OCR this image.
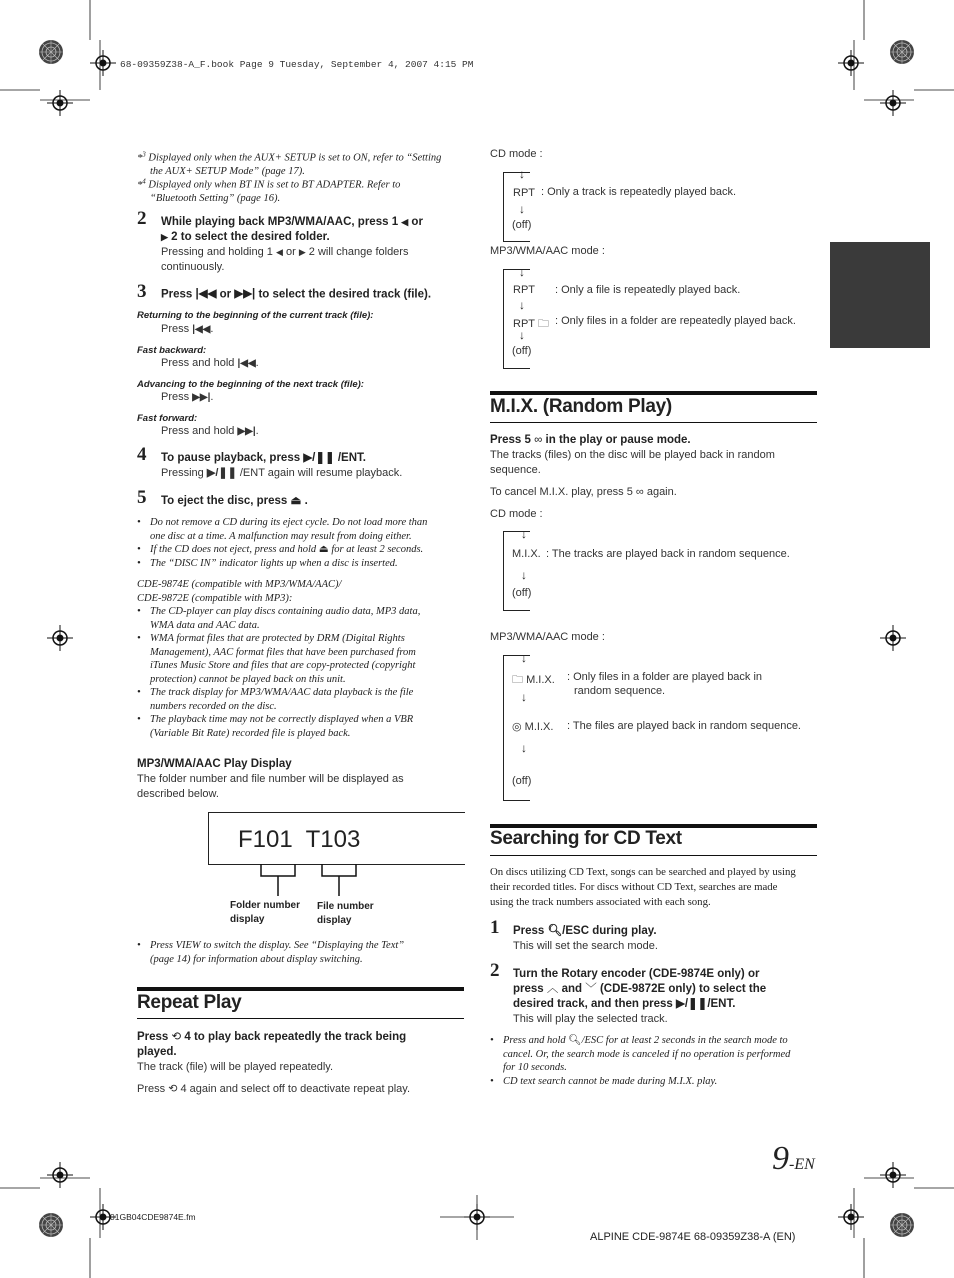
68-09359Z38-A_F.book Page 9 Tuesday, September 4, 2007 4:15 PM
*$^3$ Displayed only when the AUX+ SETUP is set to ON, refer to “Setting
the AUX+ SETUP Mode” (page 17).
*$^4$ Displayed only when BT IN is set to BT ADAPTER. Refer to
“Bluetooth Setting” (page 16).
2 While playing back MP3/WMA/AAC, press 1 ◀ or
▶ 2 to select the desired folder.
Pressing and holding 1 ◀ or ▶ 2 will change folders
continuously.
3 Press |◀◀ or ▶▶| to select the desired track (file).
Returning to the beginning of the current track (file):
Press |◀◀.
Fast backward:
Press and hold |◀◀.
Advancing to the beginning of the next track (file):
Press ▶▶|.
Fast forward:
Press and hold ▶▶|.
4 To pause playback, press ▶/❚❚ /ENT.
Pressing ▶/❚❚ /ENT again will resume playback.
5 To eject the disc, press ⏏ .
• Do not remove a CD during its eject cycle. Do not load more than
one disc at a time. A malfunction may result from doing either.
• If the CD does not eject, press and hold ⏏ for at least 2 seconds.
• The “DISC IN” indicator lights up when a disc is inserted.
CDE-9874E (compatible with MP3/WMA/AAC)/
CDE-9872E (compatible with MP3):
• The CD-player can play discs containing audio data, MP3 data,
WMA data and AAC data.
• WMA format files that are protected by DRM (Digital Rights
Management), AAC format files that have been purchased from
iTunes Music Store and files that are copy-protected (copyright
protection) cannot be played back on this unit.
• The track display for MP3/WMA/AAC data playback is the file
numbers recorded on the disc.
• The playback time may not be correctly displayed when a VBR
(Variable Bit Rate) recorded file is played back.
MP3/WMA/AAC Play Display
The folder number and file number will be displayed as
described below.
F101  T103
Folder number
display
File number
display
• Press VIEW to switch the display. See “Displaying the Text”
(page 14) for information about display switching.
Repeat Play
Press ⟲ 4 to play back repeatedly the track being
played.
The track (file) will be played repeatedly.
Press ⟲ 4 again and select off to deactivate repeat play.
CD mode :
↓
RPT : Only a track is repeatedly played back.
↓
(off)
MP3/WMA/AAC mode :
↓
RPT : Only a file is repeatedly played back.
↓
RPT 🗀 : Only files in a folder are repeatedly played back.
↓
(off)
M.I.X. (Random Play)
Press 5 ∞ in the play or pause mode.
The tracks (files) on the disc will be played back in random
sequence.
To cancel M.I.X. play, press 5 ∞ again.
CD mode :
↓
M.I.X. : The tracks are played back in random sequence.
↓
(off)
MP3/WMA/AAC mode :
↓
🗀 M.I.X. : Only files in a folder are played back in
random sequence.
↓
◎ M.I.X. : The files are played back in random sequence.
↓
(off)
Searching for CD Text
On discs utilizing CD Text, songs can be searched and played by using
their recorded titles. For discs without CD Text, searches are made
using the track numbers associated with each song.
1 Press 🔍︎/ESC during play.
This will set the search mode.
2 Turn the Rotary encoder (CDE-9874E only) or
press ︿ and ﹀ (CDE-9872E only) to select the
desired track, and then press ▶/❚❚/ENT.
This will play the selected track.
• Press and hold 🔍︎/ESC for at least 2 seconds in the search mode to
cancel. Or, the search mode is canceled if no operation is performed
for 10 seconds.
• CD text search cannot be made during M.I.X. play.
9-EN
01GB04CDE9874E.fm
ALPINE CDE-9874E 68-09359Z38-A (EN)
